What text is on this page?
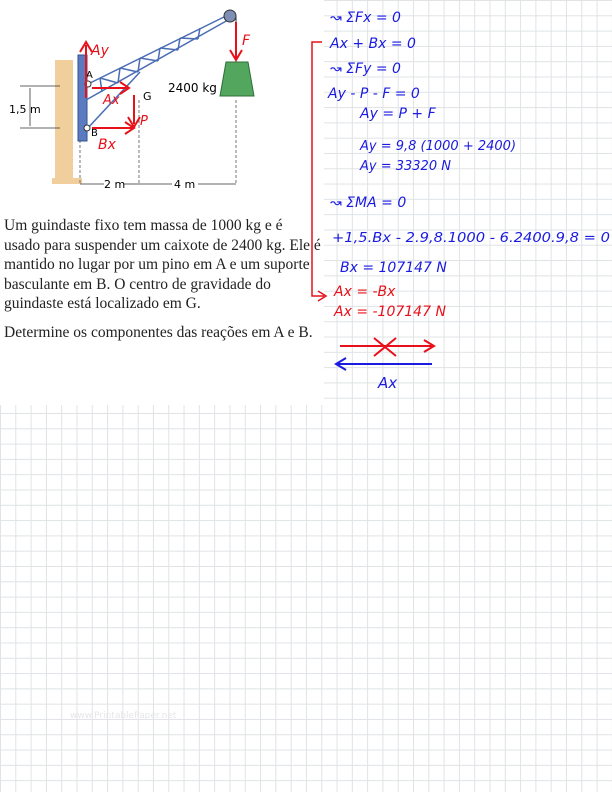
1,5 m
2400 kg
A
B
G
2 m	4 m
Ay
Ax
P
Bx
F

Um guindaste fixo tem massa de 1000 kg e é usado para suspender um caixote de 2400 kg. Ele é mantido no lugar por um pino em A e um suporte basculante em B. O centro de gravidade do guindaste está localizado em G.

Determine os componentes das reações em A e B.

Ax
↝ ΣFx = 0
Ax + Bx = 0
↝ ΣFy = 0
Ay - P - F = 0
Ay = P + F
Ay = 9,8 (1000 + 2400)
Ay = 33320 N
↝ ΣMA = 0
+1,5.Bx - 2.9,8.1000 - 6.2400.9,8 = 0
Bx = 107147 N
Ax = -Bx
Ax = -107147 N
www.PrintablePaper.net
